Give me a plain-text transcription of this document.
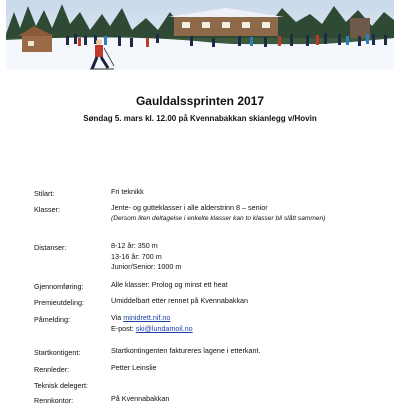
Gauldalssprinten 2017
Søndag 5. mars kl. 12.00 på Kvennabakkan skianlegg v/Hovin
Stilart:	Fri teknikk
Klasser:	Jente- og gutteklasser i alle alderstrinn 8 – senior
(Dersom liten deltagelse i enkelte klasser kan to klasser bli slått sammen)
Distanser:	8-12 år: 350 m
13-16 år: 700 m
Junior/Senior: 1000 m
Gjennomføring:	Alle klasser: Prolog og minst ett heat
Premieutdeling:	Umiddelbart etter rennet på Kvennabakkan
Påmelding:	Via minidrett.nif.no
E-post: ski@lundamoil.no
Startkontigent:	Startkontingenten faktureres lagene i etterkant.
Rennleder:	Petter Leinslie
Teknisk delegert:
Rennkontor:	På Kvennabakkan
